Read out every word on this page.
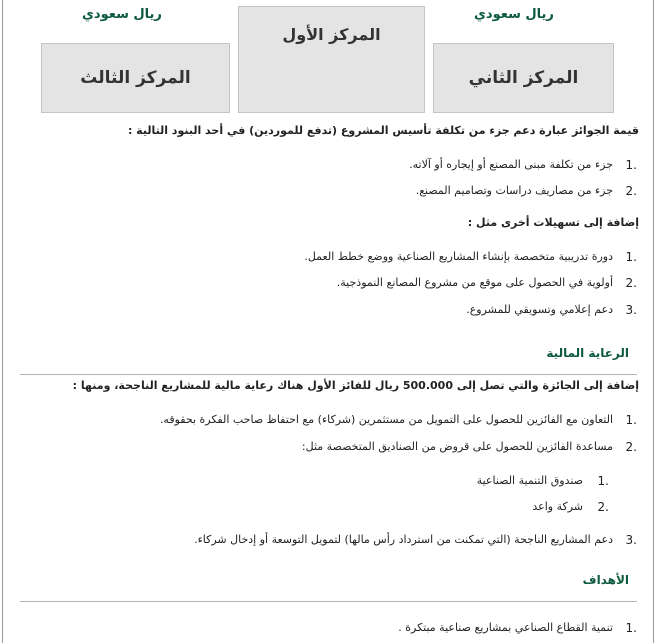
ريال سعودي
ريال سعودي
المركز الأول
المركز الثاني
المركز الثالث
قيمة الجوائز عبارة دعم جزء من تكلفة تأسيس المشروع (تدفع للموردين) في أحد البنود التالية :
1.
جزء من تكلفة مبنى المصنع أو إيجاره أو آلاته.
2.
جزء من مصاريف دراسات وتصاميم المصنع.
إضافة إلى تسهيلات أخرى مثل :
1.
دورة تدريبية متخصصة بإنشاء المشاريع الصناعية ووضع خطط العمل.
2.
أولوية في الحصول على موقع من مشروع المصانع النموذجية.
3.
دعم إعلامي وتسويقي للمشروع.
الرعاية المالية
إضافة إلى الجائزة والتي تصل إلى 500.000 ريال للفائز الأول هناك رعاية مالية للمشاريع الناجحة، ومنها :
1.
التعاون مع الفائزين للحصول على التمويل من مستثمرين (شركاء) مع احتفاظ صاحب الفكرة بحقوقه.
2.
مساعدة الفائزين للحصول على قروض من الصناديق المتخصصة مثل:
1.
صندوق التنمية الصناعية
2.
شركة واعد
3.
دعم المشاريع الناجحة (التي تمكنت من استرداد رأس مالها) لتمويل التوسعة أو إدخال شركاء.
الأهداف
1.
تنمية القطاع الصناعي بمشاريع صناعية مبتكرة .
